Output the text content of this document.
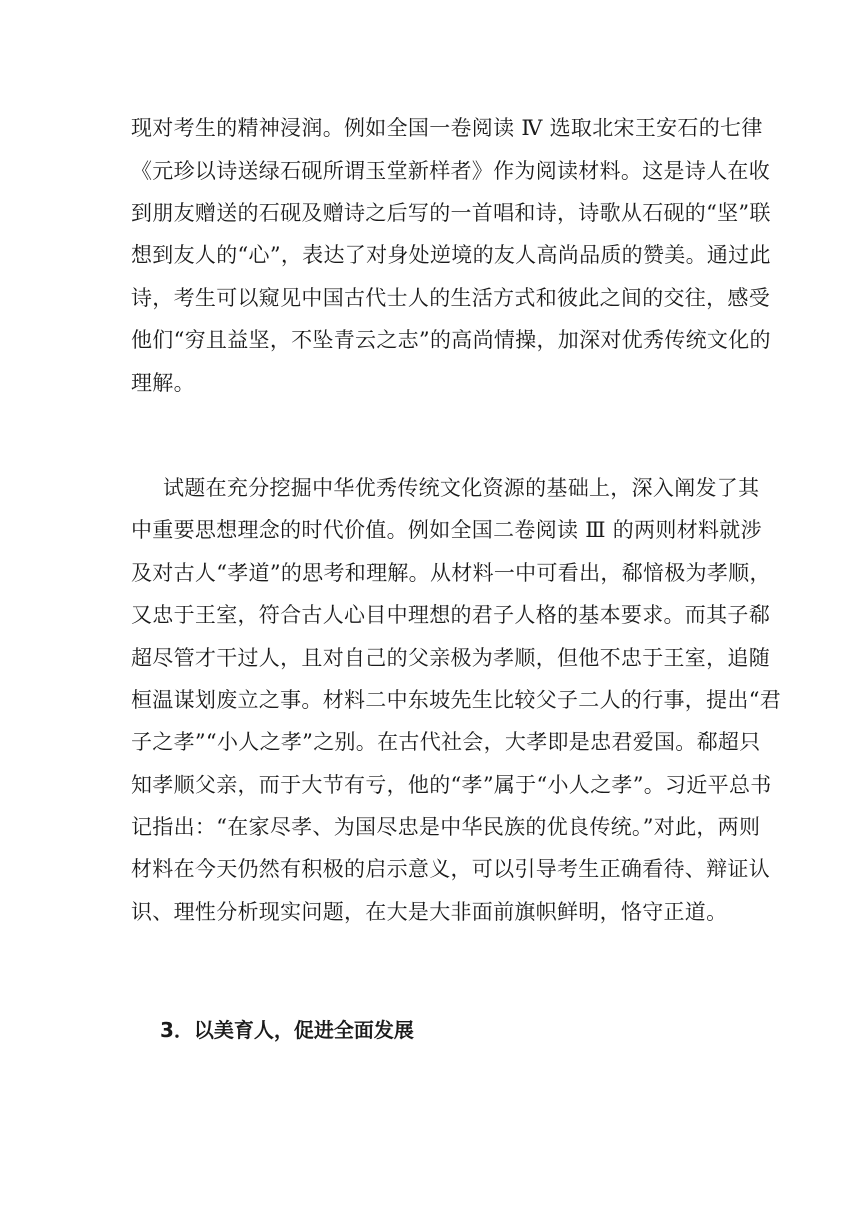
现对考生的精神浸润。例如全国一卷阅读 Ⅳ 选取北宋王安石的七律
《元珍以诗送绿石砚所谓玉堂新样者》作为阅读材料。这是诗人在收
到朋友赠送的石砚及赠诗之后写的一首唱和诗，诗歌从石砚的“坚”联
想到友人的“心”，表达了对身处逆境的友人高尚品质的赞美。通过此
诗，考生可以窥见中国古代士人的生活方式和彼此之间的交往，感受
他们“穷且益坚，不坠青云之志”的高尚情操，加深对优秀传统文化的
理解。
试题在充分挖掘中华优秀传统文化资源的基础上，深入阐发了其
中重要思想理念的时代价值。例如全国二卷阅读 Ⅲ 的两则材料就涉
及对古人“孝道”的思考和理解。从材料一中可看出，郗愔极为孝顺，
又忠于王室，符合古人心目中理想的君子人格的基本要求。而其子郗
超尽管才干过人，且对自己的父亲极为孝顺，但他不忠于王室，追随
桓温谋划废立之事。材料二中东坡先生比较父子二人的行事，提出“君
子之孝”“小人之孝”之别。在古代社会，大孝即是忠君爱国。郗超只
知孝顺父亲，而于大节有亏，他的“孝”属于“小人之孝”。习近平总书
记指出：“在家尽孝、为国尽忠是中华民族的优良传统。”对此，两则
材料在今天仍然有积极的启示意义，可以引导考生正确看待、辩证认
识、理性分析现实问题，在大是大非面前旗帜鲜明，恪守正道。
3．以美育人，促进全面发展
